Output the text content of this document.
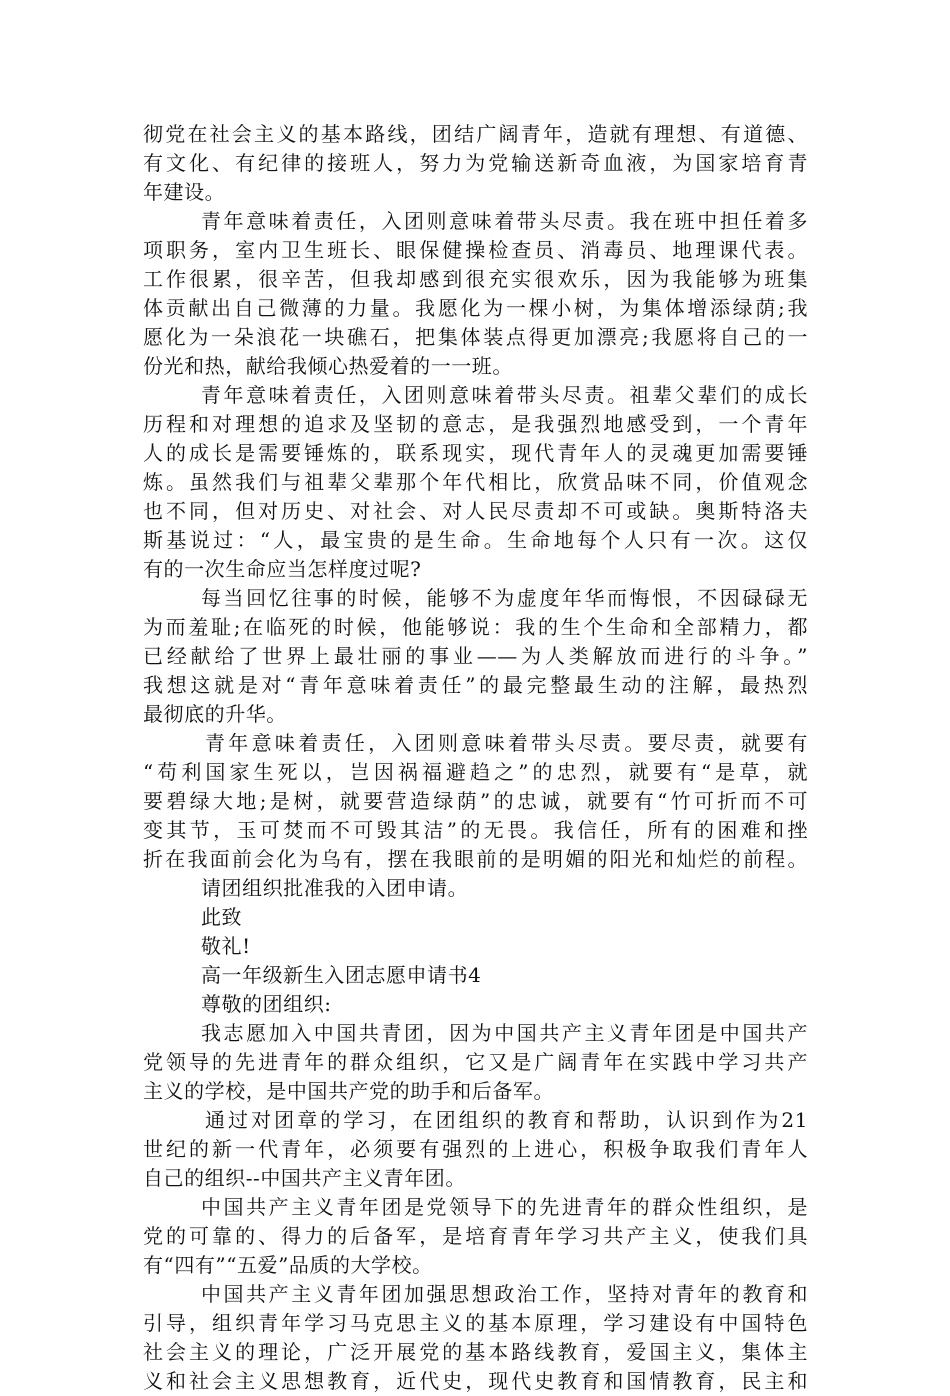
彻党在社会主义的基本路线，团结广阔青年，造就有理想、有道德、
有文化、有纪律的接班人，努力为党输送新奇血液，为国家培育青
年建设。
青年意味着责任，入团则意味着带头尽责。我在班中担任着多
项职务，室内卫生班长、眼保健操检查员、消毒员、地理课代表。
工作很累，很辛苦，但我却感到很充实很欢乐，因为我能够为班集
体贡献出自己微薄的力量。我愿化为一棵小树，为集体增添绿荫;我
愿化为一朵浪花一块礁石，把集体装点得更加漂亮;我愿将自己的一
份光和热，献给我倾心热爱着的一一班。
青年意味着责任，入团则意味着带头尽责。祖辈父辈们的成长
历程和对理想的追求及坚韧的意志，是我强烈地感受到，一个青年
人的成长是需要锤炼的，联系现实，现代青年人的灵魂更加需要锤
炼。虽然我们与祖辈父辈那个年代相比，欣赏品味不同，价值观念
也不同，但对历史、对社会、对人民尽责却不可或缺。奥斯特洛夫
斯基说过：“人，最宝贵的是生命。生命地每个人只有一次。这仅
有的一次生命应当怎样度过呢?
每当回忆往事的时候，能够不为虚度年华而悔恨，不因碌碌无
为而羞耻;在临死的时候，他能够说：我的生个生命和全部精力，都
已经献给了世界上最壮丽的事业——为人类解放而进行的斗争。”
我想这就是对“青年意味着责任”的最完整最生动的注解，最热烈
最彻底的升华。
青年意味着责任，入团则意味着带头尽责。要尽责，就要有
“苟利国家生死以，岂因祸福避趋之”的忠烈，就要有“是草，就
要碧绿大地;是树，就要营造绿荫”的忠诚，就要有“竹可折而不可
变其节，玉可焚而不可毁其洁”的无畏。我信任，所有的困难和挫
折在我面前会化为乌有，摆在我眼前的是明媚的阳光和灿烂的前程。
请团组织批准我的入团申请。
此致
敬礼!
高一年级新生入团志愿申请书4
尊敬的团组织:
我志愿加入中国共青团，因为中国共产主义青年团是中国共产
党领导的先进青年的群众组织，它又是广阔青年在实践中学习共产
主义的学校，是中国共产党的助手和后备军。
通过对团章的学习，在团组织的教育和帮助，认识到作为21
世纪的新一代青年，必须要有强烈的上进心，积极争取我们青年人
自己的组织--中国共产主义青年团。
中国共产主义青年团是党领导下的先进青年的群众性组织，是
党的可靠的、得力的后备军，是培育青年学习共产主义，使我们具
有“四有”“五爱”品质的大学校。
中国共产主义青年团加强思想政治工作，坚持对青年的教育和
引导，组织青年学习马克思主义的基本原理，学习建设有中国特色
社会主义的理论，广泛开展党的基本路线教育，爱国主义，集体主
义和社会主义思想教育，近代史，现代史教育和国情教育，民主和
